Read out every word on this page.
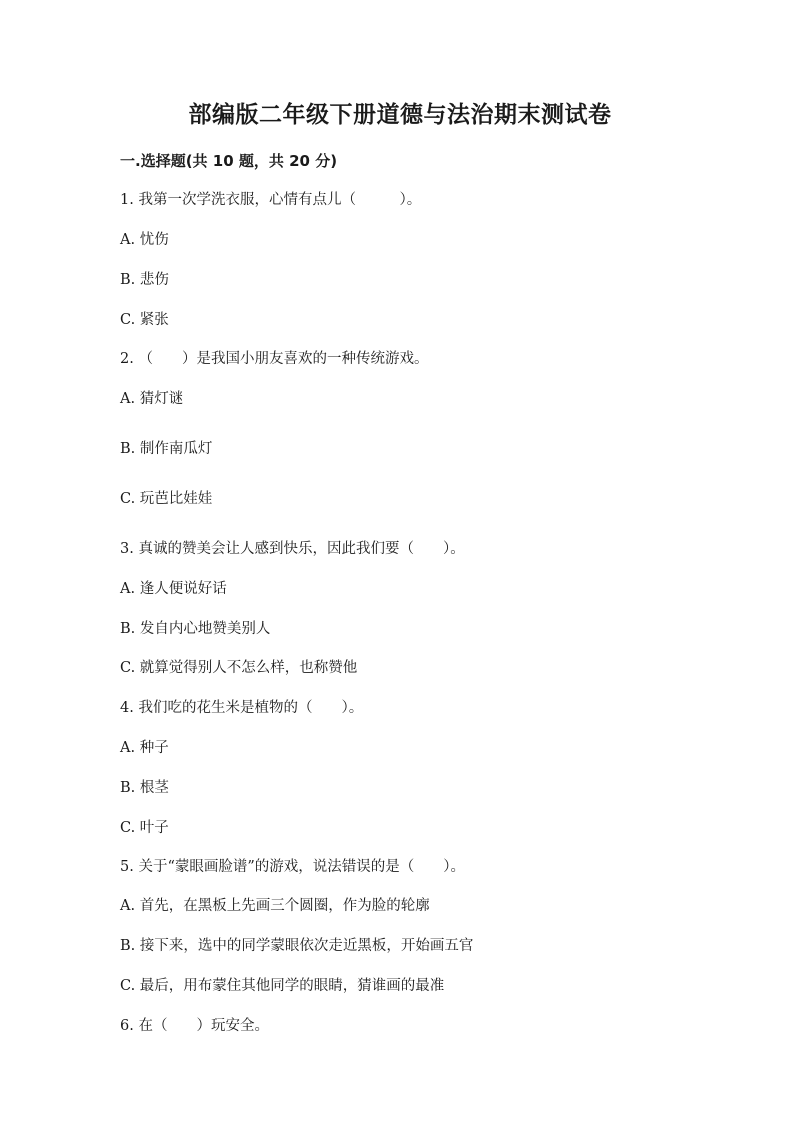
部编版二年级下册道德与法治期末测试卷
一.选择题(共 10 题，共 20 分)
1. 我第一次学洗衣服，心情有点儿（　　　）。
A. 忧伤
B. 悲伤
C. 紧张
2. （　　）是我国小朋友喜欢的一种传统游戏。
A. 猜灯谜
B. 制作南瓜灯
C. 玩芭比娃娃
3. 真诚的赞美会让人感到快乐，因此我们要（　　）。
A. 逢人便说好话
B. 发自内心地赞美别人
C. 就算觉得别人不怎么样，也称赞他
4. 我们吃的花生米是植物的（　　）。
A. 种子
B. 根茎
C. 叶子
5. 关于“蒙眼画脸谱”的游戏，说法错误的是（　　）。
A. 首先，在黑板上先画三个圆圈，作为脸的轮廓
B. 接下来，选中的同学蒙眼依次走近黑板，开始画五官
C. 最后，用布蒙住其他同学的眼睛，猜谁画的最准
6. 在（　　）玩安全。
